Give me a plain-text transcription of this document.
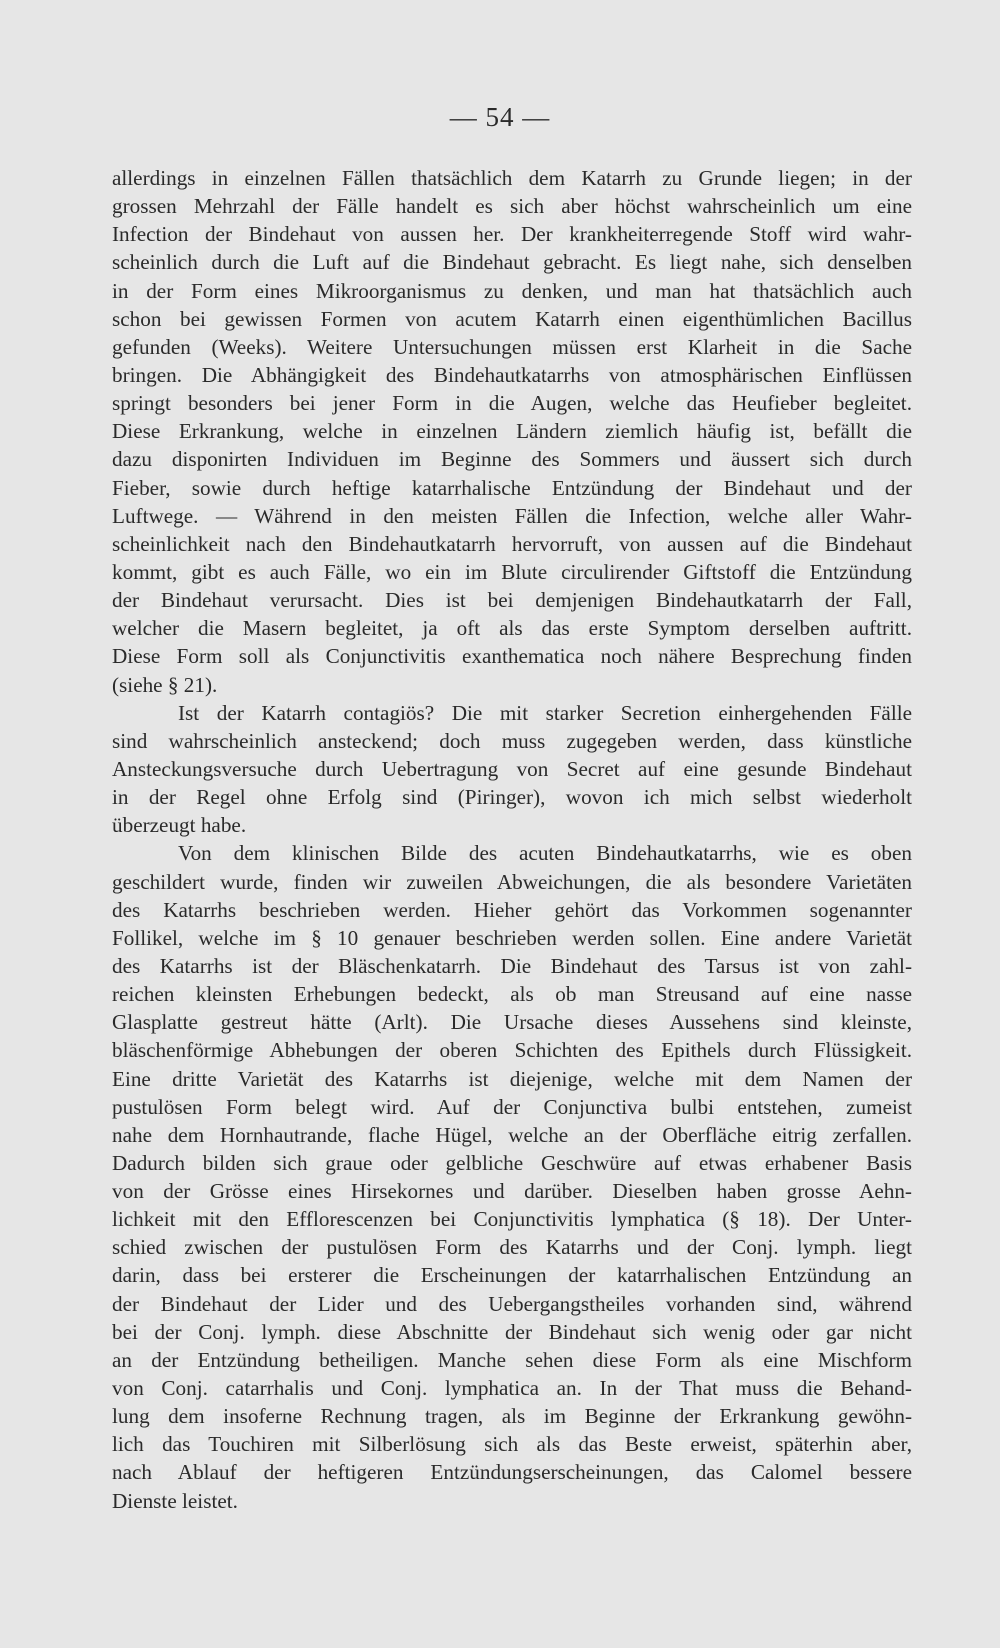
— 54 —
allerdings in einzelnen Fällen thatsächlich dem Katarrh zu Grunde liegen; in der
grossen Mehrzahl der Fälle handelt es sich aber höchst wahrscheinlich um eine
Infection der Bindehaut von aussen her. Der krankheiterregende Stoff wird wahr-
scheinlich durch die Luft auf die Bindehaut gebracht. Es liegt nahe, sich denselben
in der Form eines Mikroorganismus zu denken, und man hat thatsächlich auch
schon bei gewissen Formen von acutem Katarrh einen eigenthümlichen Bacillus
gefunden (Weeks). Weitere Untersuchungen müssen erst Klarheit in die Sache
bringen. Die Abhängigkeit des Bindehautkatarrhs von atmosphärischen Einflüssen
springt besonders bei jener Form in die Augen, welche das Heufieber begleitet.
Diese Erkrankung, welche in einzelnen Ländern ziemlich häufig ist, befällt die
dazu disponirten Individuen im Beginne des Sommers und äussert sich durch
Fieber, sowie durch heftige katarrhalische Entzündung der Bindehaut und der
Luftwege. — Während in den meisten Fällen die Infection, welche aller Wahr-
scheinlichkeit nach den Bindehautkatarrh hervorruft, von aussen auf die Bindehaut
kommt, gibt es auch Fälle, wo ein im Blute circulirender Giftstoff die Entzündung
der Bindehaut verursacht. Dies ist bei demjenigen Bindehautkatarrh der Fall,
welcher die Masern begleitet, ja oft als das erste Symptom derselben auftritt.
Diese Form soll als Conjunctivitis exanthematica noch nähere Besprechung finden
(siehe § 21).
Ist der Katarrh contagiös? Die mit starker Secretion einhergehenden Fälle
sind wahrscheinlich ansteckend; doch muss zugegeben werden, dass künstliche
Ansteckungsversuche durch Uebertragung von Secret auf eine gesunde Bindehaut
in der Regel ohne Erfolg sind (Piringer), wovon ich mich selbst wiederholt
überzeugt habe.
Von dem klinischen Bilde des acuten Bindehautkatarrhs, wie es oben
geschildert wurde, finden wir zuweilen Abweichungen, die als besondere Varietäten
des Katarrhs beschrieben werden. Hieher gehört das Vorkommen sogenannter
Follikel, welche im § 10 genauer beschrieben werden sollen. Eine andere Varietät
des Katarrhs ist der Bläschenkatarrh. Die Bindehaut des Tarsus ist von zahl-
reichen kleinsten Erhebungen bedeckt, als ob man Streusand auf eine nasse
Glasplatte gestreut hätte (Arlt). Die Ursache dieses Aussehens sind kleinste,
bläschenförmige Abhebungen der oberen Schichten des Epithels durch Flüssigkeit.
Eine dritte Varietät des Katarrhs ist diejenige, welche mit dem Namen der
pustulösen Form belegt wird. Auf der Conjunctiva bulbi entstehen, zumeist
nahe dem Hornhautrande, flache Hügel, welche an der Oberfläche eitrig zerfallen.
Dadurch bilden sich graue oder gelbliche Geschwüre auf etwas erhabener Basis
von der Grösse eines Hirsekornes und darüber. Dieselben haben grosse Aehn-
lichkeit mit den Efflorescenzen bei Conjunctivitis lymphatica (§ 18). Der Unter-
schied zwischen der pustulösen Form des Katarrhs und der Conj. lymph. liegt
darin, dass bei ersterer die Erscheinungen der katarrhalischen Entzündung an
der Bindehaut der Lider und des Uebergangstheiles vorhanden sind, während
bei der Conj. lymph. diese Abschnitte der Bindehaut sich wenig oder gar nicht
an der Entzündung betheiligen. Manche sehen diese Form als eine Mischform
von Conj. catarrhalis und Conj. lymphatica an. In der That muss die Behand-
lung dem insoferne Rechnung tragen, als im Beginne der Erkrankung gewöhn-
lich das Touchiren mit Silberlösung sich als das Beste erweist, späterhin aber,
nach Ablauf der heftigeren Entzündungserscheinungen, das Calomel bessere
Dienste leistet.
